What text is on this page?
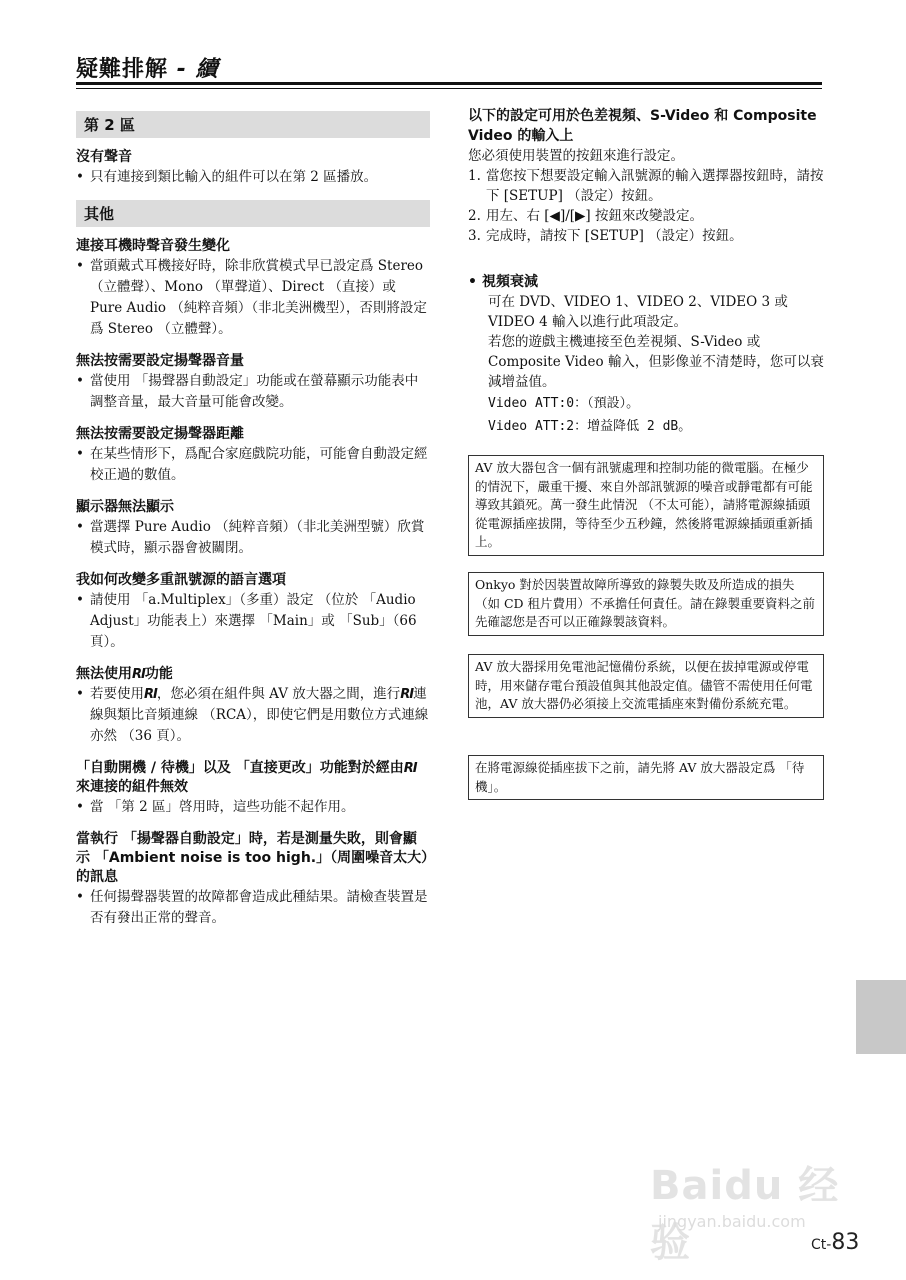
疑難排解 - 續
第 2 區

沒有聲音

• 只有連接到類比輸入的組件可以在第 2 區播放。

其他

連接耳機時聲音發生變化

• 當頭戴式耳機接好時，除非欣賞模式早已設定爲 Stereo （立體聲）、Mono （單聲道）、Direct （直接）或 Pure Audio （純粹音頻）（非北美洲機型），否則將設定爲 Stereo （立體聲）。

無法按需要設定揚聲器音量

• 當使用 「揚聲器自動設定」功能或在螢幕顯示功能表中調整音量，最大音量可能會改變。

無法按需要設定揚聲器距離

• 在某些情形下，爲配合家庭戲院功能，可能會自動設定經校正過的數值。

顯示器無法顯示

• 當選擇 Pure Audio （純粹音頻）（非北美洲型號）欣賞模式時，顯示器會被關閉。

我如何改變多重訊號源的語言選項

• 請使用 「a.Multiplex」（多重）設定 （位於 「Audio Adjust」功能表上）來選擇 「Main」或 「Sub」（66 頁）。

無法使用RI功能

• 若要使用RI，您必須在組件與 AV 放大器之間，進行RI連線與類比音頻連線 （RCA），即使它們是用數位方式連線亦然 （36 頁）。

「自動開機 / 待機」以及 「直接更改」功能對於經由RI來連接的組件無效

• 當 「第 2 區」啓用時，這些功能不起作用。

當執行 「揚聲器自動設定」時，若是測量失敗，則會顯示 「Ambient noise is too high.」（周圍噪音太大）的訊息

• 任何揚聲器裝置的故障都會造成此種結果。請檢查裝置是否有發出正常的聲音。

以下的設定可用於色差視頻、S-Video 和 Composite Video 的輸入上

您必須使用裝置的按鈕來進行設定。

1. 當您按下想要設定輸入訊號源的輸入選擇器按鈕時，請按下 [SETUP] （設定）按鈕。
2. 用左、右 [◀]/[▶] 按鈕來改變設定。
3. 完成時，請按下 [SETUP] （設定）按鈕。

• 視頻衰減

可在 DVD、VIDEO 1、VIDEO 2、VIDEO 3 或 VIDEO 4 輸入以進行此項設定。

若您的遊戲主機連接至色差視頻、S-Video 或 Composite Video 輸入，但影像並不清楚時，您可以衰減增益值。

Video ATT:0：（預設）。
Video ATT:2：增益降低 2 dB。
AV 放大器包含一個有訊號處理和控制功能的微電腦。在極少的情況下，嚴重干擾、來自外部訊號源的噪音或靜電都有可能導致其鎖死。萬一發生此情況 （不太可能），請將電源線插頭從電源插座拔開，等待至少五秒鐘，然後將電源線插頭重新插上。
Onkyo 對於因裝置故障所導致的錄製失敗及所造成的損失 （如 CD 租片費用）不承擔任何責任。請在錄製重要資料之前先確認您是否可以正確錄製該資料。
AV 放大器採用免電池記憶備份系統，以便在拔掉電源或停電時，用來儲存電台預設值與其他設定值。儘管不需使用任何電池，AV 放大器仍必須接上交流電插座來對備份系統充電。
在將電源線從插座拔下之前，請先將 AV 放大器設定爲 「待機」。
Baidu 经验
jingyan.baidu.com
Ct-83
